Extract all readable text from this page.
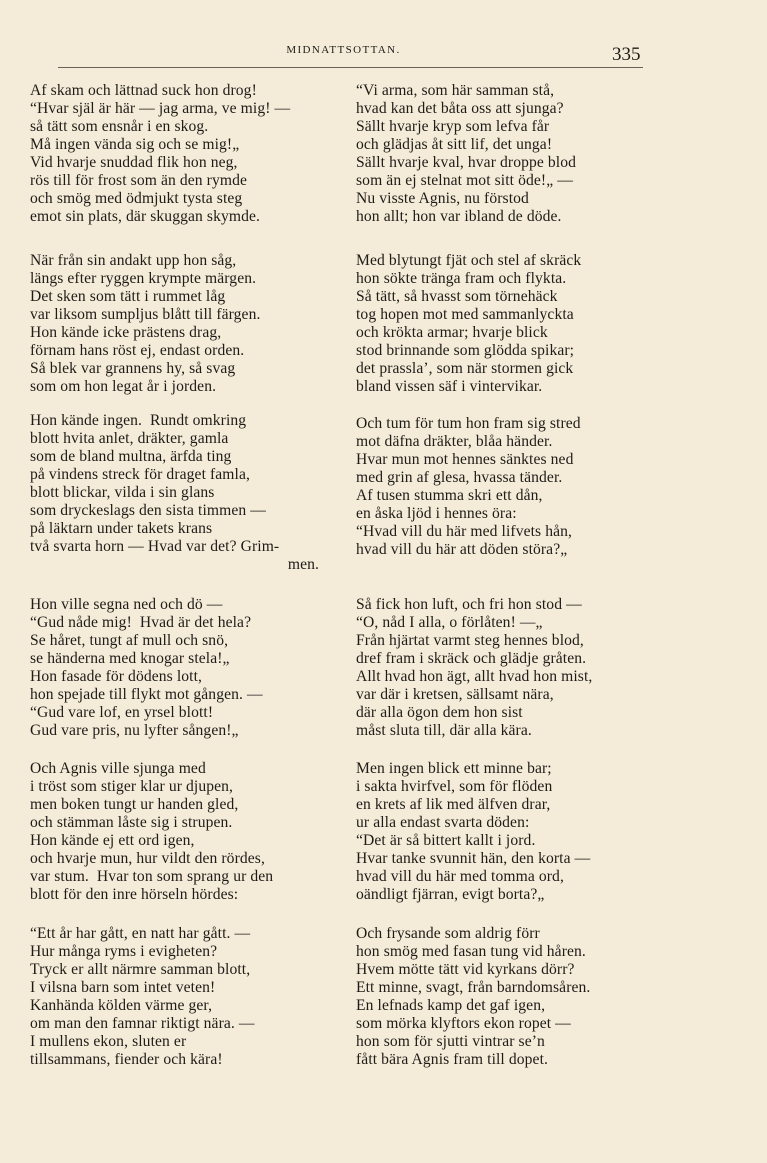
MIDNATTSOTTAN.	335
Af skam och lättnad suck hon drog!
“Hvar själ är här — jag arma, ve mig! —
så tätt som ensnår i en skog.
Må ingen vända sig och se mig!„
Vid hvarje snuddad flik hon neg,
rös till för frost som än den rymde
och smög med ödmjukt tysta steg
emot sin plats, där skuggan skymde.
När från sin andakt upp hon såg,
längs efter ryggen krympte märgen.
Det sken som tätt i rummet låg
var liksom sumpljus blått till färgen.
Hon kände icke prästens drag,
förnam hans röst ej, endast orden.
Så blek var grannens hy, så svag
som om hon legat år i jorden.
Hon kände ingen.  Rundt omkring
blott hvita anlet, dräkter, gamla
som de bland multna, ärfda ting
på vindens streck för draget famla,
blott blickar, vilda i sin glans
som dryckeslags den sista timmen —
på läktarn under takets krans
två svarta horn — Hvad var det? Grim-
men.
Hon ville segna ned och dö —
“Gud nåde mig!  Hvad är det hela?
Se håret, tungt af mull och snö,
se händerna med knogar stela!„
Hon fasade för dödens lott,
hon spejade till flykt mot gången. —
“Gud vare lof, en yrsel blott!
Gud vare pris, nu lyfter sången!„
Och Agnis ville sjunga med
i tröst som stiger klar ur djupen,
men boken tungt ur handen gled,
och stämman låste sig i strupen.
Hon kände ej ett ord igen,
och hvarje mun, hur vildt den rördes,
var stum.  Hvar ton som sprang ur den
blott för den inre hörseln hördes:
“Ett år har gått, en natt har gått. —
Hur många ryms i evigheten?
Tryck er allt närmre samman blott,
I vilsna barn som intet veten!
Kanhända kölden värme ger,
om man den famnar riktigt nära. —
I mullens ekon, sluten er
tillsammans, fiender och kära!
“Vi arma, som här samman stå,
hvad kan det båta oss att sjunga?
Sällt hvarje kryp som lefva får
och glädjas åt sitt lif, det unga!
Sällt hvarje kval, hvar droppe blod
som än ej stelnat mot sitt öde!„ —
Nu visste Agnis, nu förstod
hon allt; hon var ibland de döde.
Med blytungt fjät och stel af skräck
hon sökte tränga fram och flykta.
Så tätt, så hvasst som törnehäck
tog hopen mot med sammanlyckta
och krökta armar; hvarje blick
stod brinnande som glödda spikar;
det prassla’, som när stormen gick
bland vissen säf i vintervikar.
Och tum för tum hon fram sig stred
mot däfna dräkter, blåa händer.
Hvar mun mot hennes sänktes ned
med grin af glesa, hvassa tänder.
Af tusen stumma skri ett dån,
en åska ljöd i hennes öra:
“Hvad vill du här med lifvets hån,
hvad vill du här att döden störa?„
Så fick hon luft, och fri hon stod —
“O, nåd I alla, o förlåten! —„
Från hjärtat varmt steg hennes blod,
dref fram i skräck och glädje gråten.
Allt hvad hon ägt, allt hvad hon mist,
var där i kretsen, sällsamt nära,
där alla ögon dem hon sist
måst sluta till, där alla kära.
Men ingen blick ett minne bar;
i sakta hvirfvel, som för flöden
en krets af lik med älfven drar,
ur alla endast svarta döden:
“Det är så bittert kallt i jord.
Hvar tanke svunnit hän, den korta —
hvad vill du här med tomma ord,
oändligt fjärran, evigt borta?„
Och frysande som aldrig förr
hon smög med fasan tung vid håren.
Hvem mötte tätt vid kyrkans dörr?
Ett minne, svagt, från barndomsåren.
En lefnads kamp det gaf igen,
som mörka klyftors ekon ropet —
hon som för sjutti vintrar se’n
fått bära Agnis fram till dopet.
